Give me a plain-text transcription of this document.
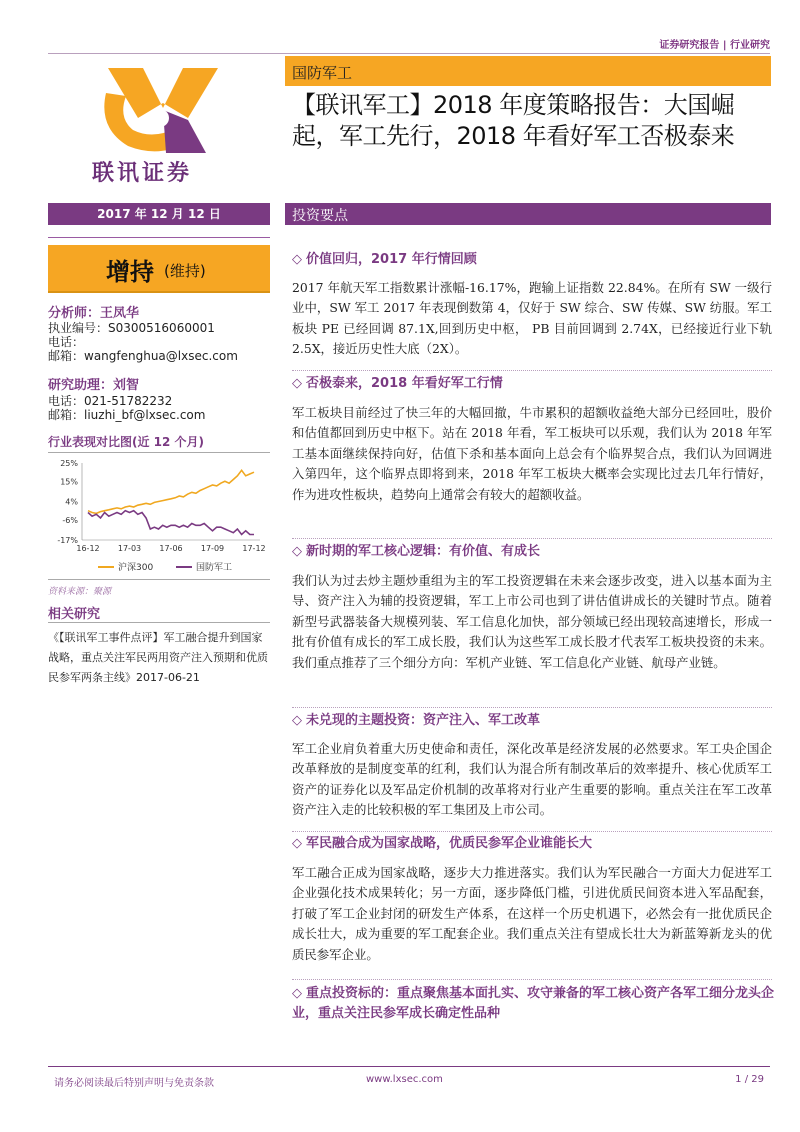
证券研究报告 | 行业研究
联讯证券
国防军工
【联讯军工】2018 年度策略报告：大国崛起，军工先行，2018 年看好军工否极泰来
2017 年 12 月 12 日
增持 (维持)
分析师：王凤华
执业编号：S0300516060001
电话：
邮箱：wangfenghua@lxsec.com
研究助理：刘智
电话：021-51782232
邮箱：liuzhi_bf@lxsec.com
行业表现对比图(近 12 个月)
25%
15%
4%
-6%
-17%
16-12 17-03 17-06 17-09 17-12
沪深300	国防军工
资料来源：聚源
相关研究
《【联讯军工事件点评】军工融合提升到国家战略，重点关注军民两用资产注入预期和优质民参军两条主线》2017-06-21
投资要点
◇ 价值回归，2017 年行情回顾
2017 年航天军工指数累计涨幅-16.17%，跑输上证指数 22.84%。在所有 SW 一级行业中，SW 军工 2017 年表现倒数第 4，仅好于 SW 综合、SW 传媒、SW 纺服。军工板块 PE 已经回调 87.1X,回到历史中枢， PB 目前回调到 2.74X，已经接近行业下轨 2.5X，接近历史性大底（2X）。
◇ 否极泰来，2018 年看好军工行情
军工板块目前经过了快三年的大幅回撤，牛市累积的超额收益绝大部分已经回吐，股价和估值都回到历史中枢下。站在 2018 年看，军工板块可以乐观，我们认为 2018 年军工基本面继续保持向好，估值下杀和基本面向上总会有个临界契合点，我们认为回调进入第四年，这个临界点即将到来，2018 年军工板块大概率会实现比过去几年行情好，作为进攻性板块，趋势向上通常会有较大的超额收益。
◇ 新时期的军工核心逻辑：有价值、有成长
我们认为过去炒主题炒重组为主的军工投资逻辑在未来会逐步改变，进入以基本面为主导、资产注入为辅的投资逻辑，军工上市公司也到了讲估值讲成长的关键时节点。随着新型号武器装备大规模列装、军工信息化加快，部分领域已经出现较高速增长，形成一批有价值有成长的军工成长股，我们认为这些军工成长股才代表军工板块投资的未来。我们重点推荐了三个细分方向：军机产业链、军工信息化产业链、航母产业链。
◇ 未兑现的主题投资：资产注入、军工改革
军工企业肩负着重大历史使命和责任，深化改革是经济发展的必然要求。军工央企国企改革释放的是制度变革的红利，我们认为混合所有制改革后的效率提升、核心优质军工资产的证券化以及军品定价机制的改革将对行业产生重要的影响。重点关注在军工改革资产注入走的比较积极的军工集团及上市公司。
◇ 军民融合成为国家战略，优质民参军企业谁能长大
军工融合正成为国家战略，逐步大力推进落实。我们认为军民融合一方面大力促进军工企业强化技术成果转化；另一方面，逐步降低门槛，引进优质民间资本进入军品配套，打破了军工企业封闭的研发生产体系，在这样一个历史机遇下，必然会有一批优质民企成长壮大，成为重要的军工配套企业。我们重点关注有望成长壮大为新蓝筹新龙头的优质民参军企业。
◇ 重点投资标的：重点聚焦基本面扎实、攻守兼备的军工核心资产各军工细分龙头企业，重点关注民参军成长确定性品种
请务必阅读最后特别声明与免责条款	www.lxsec.com	1 / 29
